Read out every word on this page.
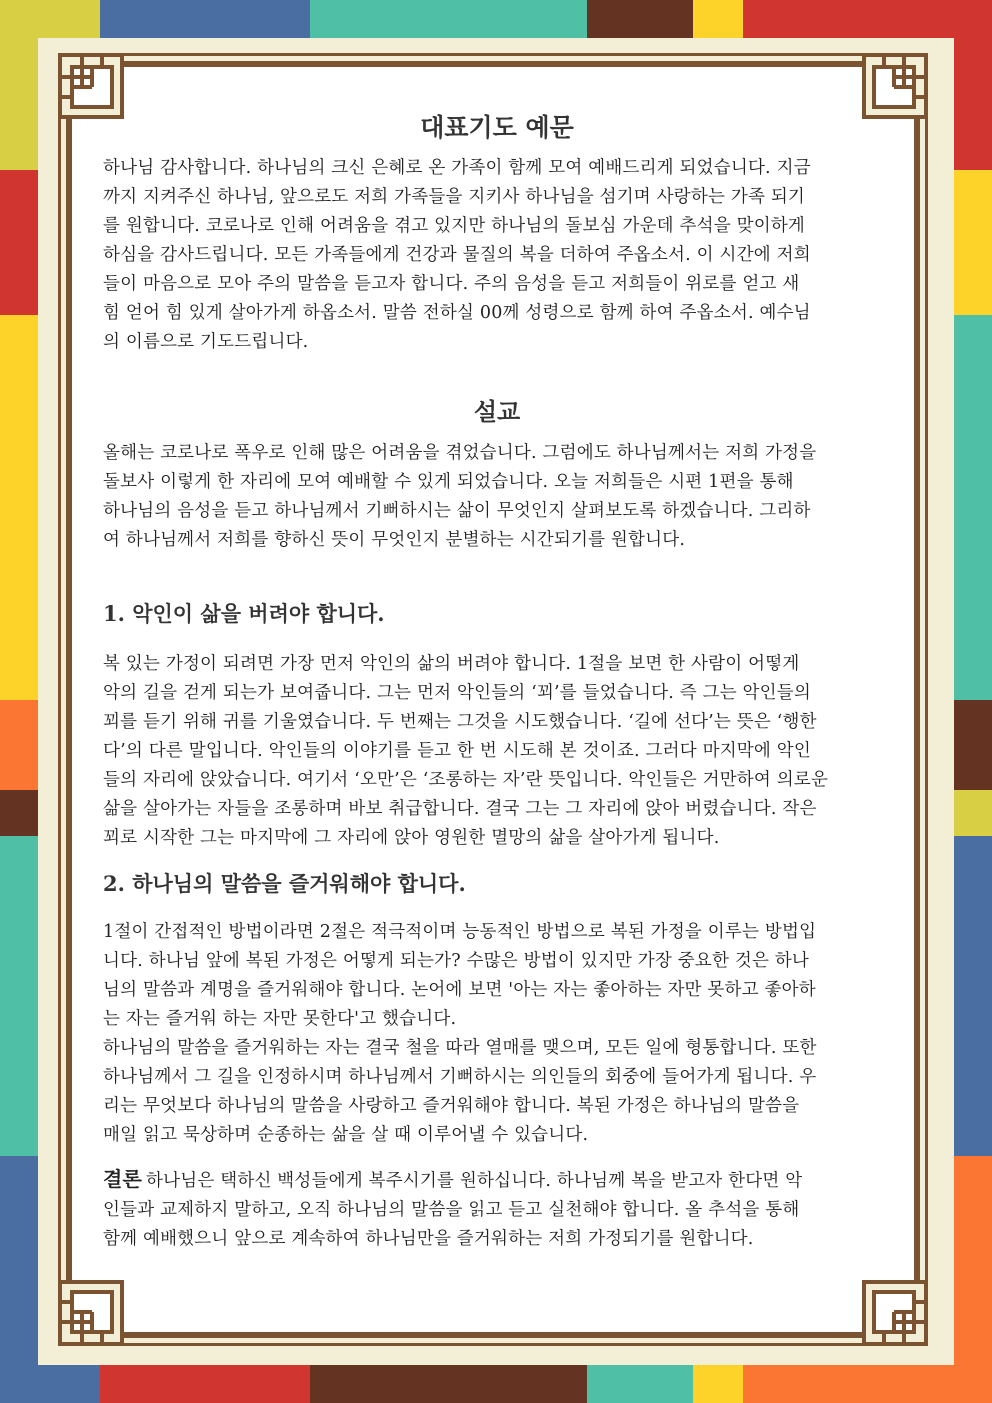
대표기도 예문

하나님 감사합니다. 하나님의 크신 은혜로 온 가족이 함께 모여 예배드리게 되었습니다. 지금

까지 지켜주신 하나님, 앞으로도 저희 가족들을 지키사 하나님을 섬기며 사랑하는 가족 되기

를 원합니다. 코로나로 인해 어려움을 겪고 있지만 하나님의 돌보심 가운데 추석을 맞이하게

하심을 감사드립니다. 모든 가족들에게 건강과 물질의 복을 더하여 주옵소서. 이 시간에 저희

들이 마음으로 모아 주의 말씀을 듣고자 합니다. 주의 음성을 듣고 저희들이 위로를 얻고 새

힘 얻어 힘 있게 살아가게 하옵소서. 말씀 전하실 00께 성령으로 함께 하여 주옵소서. 예수님

의 이름으로 기도드립니다.

설교

올해는 코로나로 폭우로 인해 많은 어려움을 겪었습니다. 그럼에도 하나님께서는 저희 가정을

돌보사 이렇게 한 자리에 모여 예배할 수 있게 되었습니다. 오늘 저희들은 시편 1편을 통해

하나님의 음성을 듣고 하나님께서 기뻐하시는 삶이 무엇인지 살펴보도록 하겠습니다. 그리하

여 하나님께서 저희를 향하신 뜻이 무엇인지 분별하는 시간되기를 원합니다.

1. 악인이 삶을 버려야 합니다.

복 있는 가정이 되려면 가장 먼저 악인의 삶의 버려야 합니다. 1절을 보면 한 사람이 어떻게

악의 길을 걷게 되는가 보여줍니다. 그는 먼저 악인들의 ‘꾀’를 들었습니다. 즉 그는 악인들의

꾀를 듣기 위해 귀를 기울였습니다. 두 번째는 그것을 시도했습니다. ‘길에 선다’는 뜻은 ‘행한

다’의 다른 말입니다. 악인들의 이야기를 듣고 한 번 시도해 본 것이죠. 그러다 마지막에 악인

들의 자리에 앉았습니다. 여기서 ‘오만’은 ‘조롱하는 자’란 뜻입니다. 악인들은 거만하여 의로운

삶을 살아가는 자들을 조롱하며 바보 취급합니다. 결국 그는 그 자리에 앉아 버렸습니다. 작은

꾀로 시작한 그는 마지막에 그 자리에 앉아 영원한 멸망의 삶을 살아가게 됩니다.

2. 하나님의 말씀을 즐거워해야 합니다.

1절이 간접적인 방법이라면 2절은 적극적이며 능동적인 방법으로 복된 가정을 이루는 방법입

니다. 하나님 앞에 복된 가정은 어떻게 되는가? 수많은 방법이 있지만 가장 중요한 것은 하나

님의 말씀과 계명을 즐거워해야 합니다. 논어에 보면 '아는 자는 좋아하는 자만 못하고 좋아하

는 자는 즐거워 하는 자만 못한다'고 했습니다.

하나님의 말씀을 즐거워하는 자는 결국 철을 따라 열매를 맺으며, 모든 일에 형통합니다. 또한

하나님께서 그 길을 인정하시며 하나님께서 기뻐하시는 의인들의 회중에 들어가게 됩니다. 우

리는 무엇보다 하나님의 말씀을 사랑하고 즐거워해야 합니다. 복된 가정은 하나님의 말씀을

매일 읽고 묵상하며 순종하는 삶을 살 때 이루어낼 수 있습니다.

결론 하나님은 택하신 백성들에게 복주시기를 원하십니다. 하나님께 복을 받고자 한다면 악

인들과 교제하지 말하고, 오직 하나님의 말씀을 읽고 듣고 실천해야 합니다. 올 추석을 통해

함께 예배했으니 앞으로 계속하여 하나님만을 즐거워하는 저희 가정되기를 원합니다.
